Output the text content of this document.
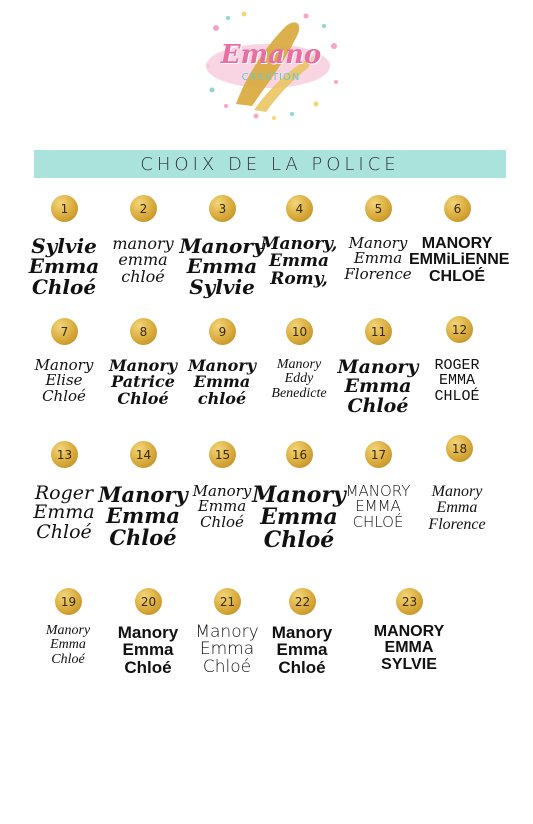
Emano
CREATION
CHOIX DE LA POLICE
1
Sylvie
Emma
Chloé
2
manory
emma
chloé
3
Manory
Emma
Sylvie
4
Manory,
Emma
Romy,
5
Manory
Emma
Florence
6
MANORY
EMMiLiENNE
CHLOÉ
7
Manory
Elise
Chloé
8
Manory
Patrice
Chloé
9
Manory
Emma
chloé
10
Manory
Eddy
Benedicte
11
Manory
Emma
Chloé
12
ROGER
EMMA
CHLOÉ
13
Roger
Emma
Chloé
14
Manory
Emma
Chloé
15
Manory
Emma
Chloé
16
Manory
Emma
Chloé
17
MANORY
EMMA
CHLOÉ
18
Manory
Emma
Florence
19
Manory
Emma
Chloé
20
Manory
Emma
Chloé
21
Manory
Emma
Chloé
22
Manory
Emma
Chloé
23
MANORY
EMMA
SYLVIE
